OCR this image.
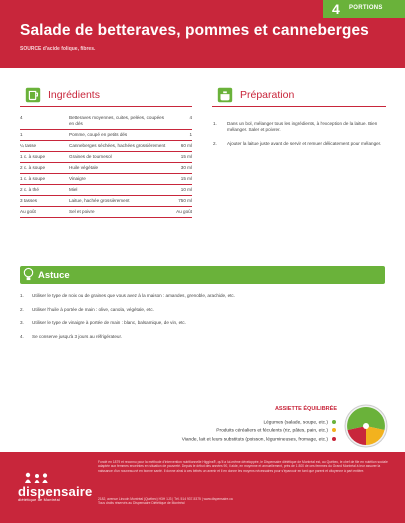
Salade de betteraves, pommes et canneberges
SOURCE d'acide folique, fibres.
4 PORTIONS
Ingrédients
4	Betteraves moyennes, cuites, pelées, coupées en dés	4
1	Pomme, coupé en petits dés	1
¼ tasse	Canneberges séchées, hachées grossièrement	60 ml
1 c. à soupe	Graines de tournesol	15 ml
2 c. à soupe	Huile végétale	30 ml
1 c. à soupe	Vinaigre	15 ml
2 c. à thé	Miel	10 ml
3 tasses	Laitue, hachée grossièrement	750 ml
Au goût	Sel et poivre	Au goût
Préparation
1.	Dans un bol, mélanger tous les ingrédients, à l'exception de la laitue. Bien mélanger. Saler et poivrer.
2.	Ajouter la laitue juste avant de servir et remuer délicatement pour mélanger.
Astuce
1.	Utiliser le type de noix ou de graines que vous avez à la maison : amandes, grenoble, arachide, etc.
2.	Utiliser l'huile à portée de main : olive, canola, végétale, etc.
3.	Utiliser le type de vinaigre à portée de main : blanc, balsamique, de vin, etc.
4.	Se conserve jusqu'à 3 jours au réfrigérateur.
ASSIETTE ÉQUILIBRÉE
Légumes (salade, soupe, etc.)
Produits céréaliers et féculents (riz, pâtes, pain, etc.)
Viande, lait et leurs substituts (poisson, légumineuses, fromage, etc.)
dispensaire
diététique de Montréal
Fondé en 1879 et reconnu pour la méthode d'intervention nutritionnelle Higgins®, qu'il a lui-même développée, le Dispensaire diététique de Montréal est, au Québec, le chef de file en nutrition sociale adaptée aux femmes enceintes en situation de pauvreté. Depuis le début des années 90, il aide, en moyenne et annuellement, près de 1 800 de ces femmes du Grand Montréal à leur assurer la naissance d'un nouveau-né en bonne santé. Il donne ainsi à ces bébés un avenir et il en donne les moyens nécessaires pour s'épanouir en tant que parent et citoyenne à part entière.
2182, avenue Lincoln Montréal (Québec) H3H 1J3 | Tél. 514 937-5375 | www.dispensaire.ca
Tous droits réservés au Dispensaire Diététique de Montréal
